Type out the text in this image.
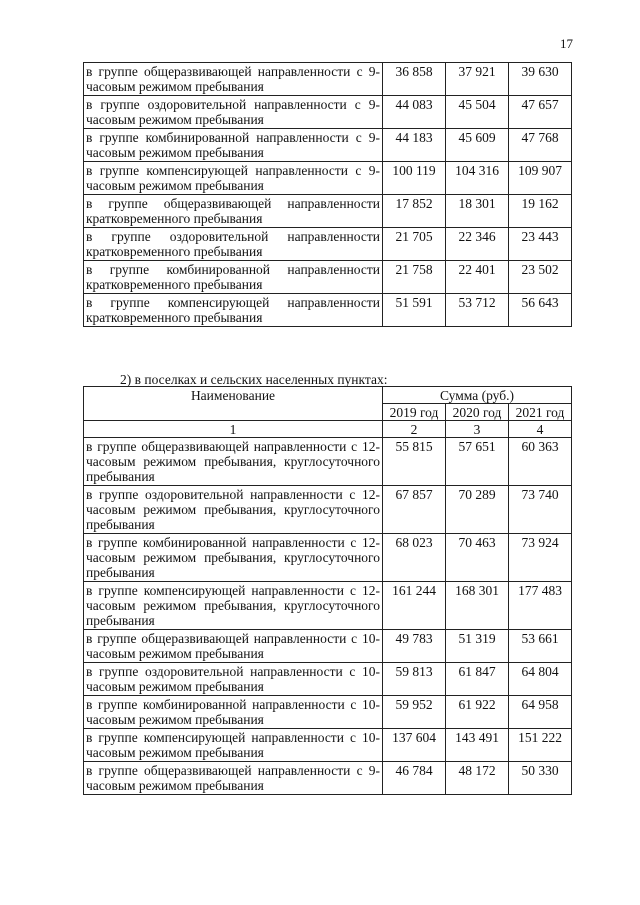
17
в группе общеразвивающей направленности с 9-часовым режимом пребывания	36 858	37 921	39 630
в группе оздоровительной направленности с 9-часовым режимом пребывания	44 083	45 504	47 657
в группе комбинированной направленности с 9-часовым режимом пребывания	44 183	45 609	47 768
в группе компенсирующей направленности с 9-часовым режимом пребывания	100 119	104 316	109 907
в группе общеразвивающей направленности кратковременного пребывания	17 852	18 301	19 162
в группе оздоровительной направленности кратковременного пребывания	21 705	22 346	23 443
в группе комбинированной направленности кратковременного пребывания	21 758	22 401	23 502
в группе компенсирующей направленности кратковременного пребывания	51 591	53 712	56 643
2) в поселках и сельских населенных пунктах:
Наименование	Сумма (руб.)		
	2019 год	2020 год	2021 год
1	2	3	4
в группе общеразвивающей направленности с 12-часовым режимом пребывания, круглосуточного пребывания	55 815	57 651	60 363
в группе оздоровительной направленности с 12-часовым режимом пребывания, круглосуточного пребывания	67 857	70 289	73 740
в группе комбинированной направленности с 12-часовым режимом пребывания, круглосуточного пребывания	68 023	70 463	73 924
в группе компенсирующей направленности с 12-часовым режимом пребывания, круглосуточного пребывания	161 244	168 301	177 483
в группе общеразвивающей направленности с 10-часовым режимом пребывания	49 783	51 319	53 661
в группе оздоровительной направленности с 10-часовым режимом пребывания	59 813	61 847	64 804
в группе комбинированной направленности с 10-часовым режимом пребывания	59 952	61 922	64 958
в группе компенсирующей направленности с 10-часовым режимом пребывания	137 604	143 491	151 222
в группе общеразвивающей направленности с 9-часовым режимом пребывания	46 784	48 172	50 330
